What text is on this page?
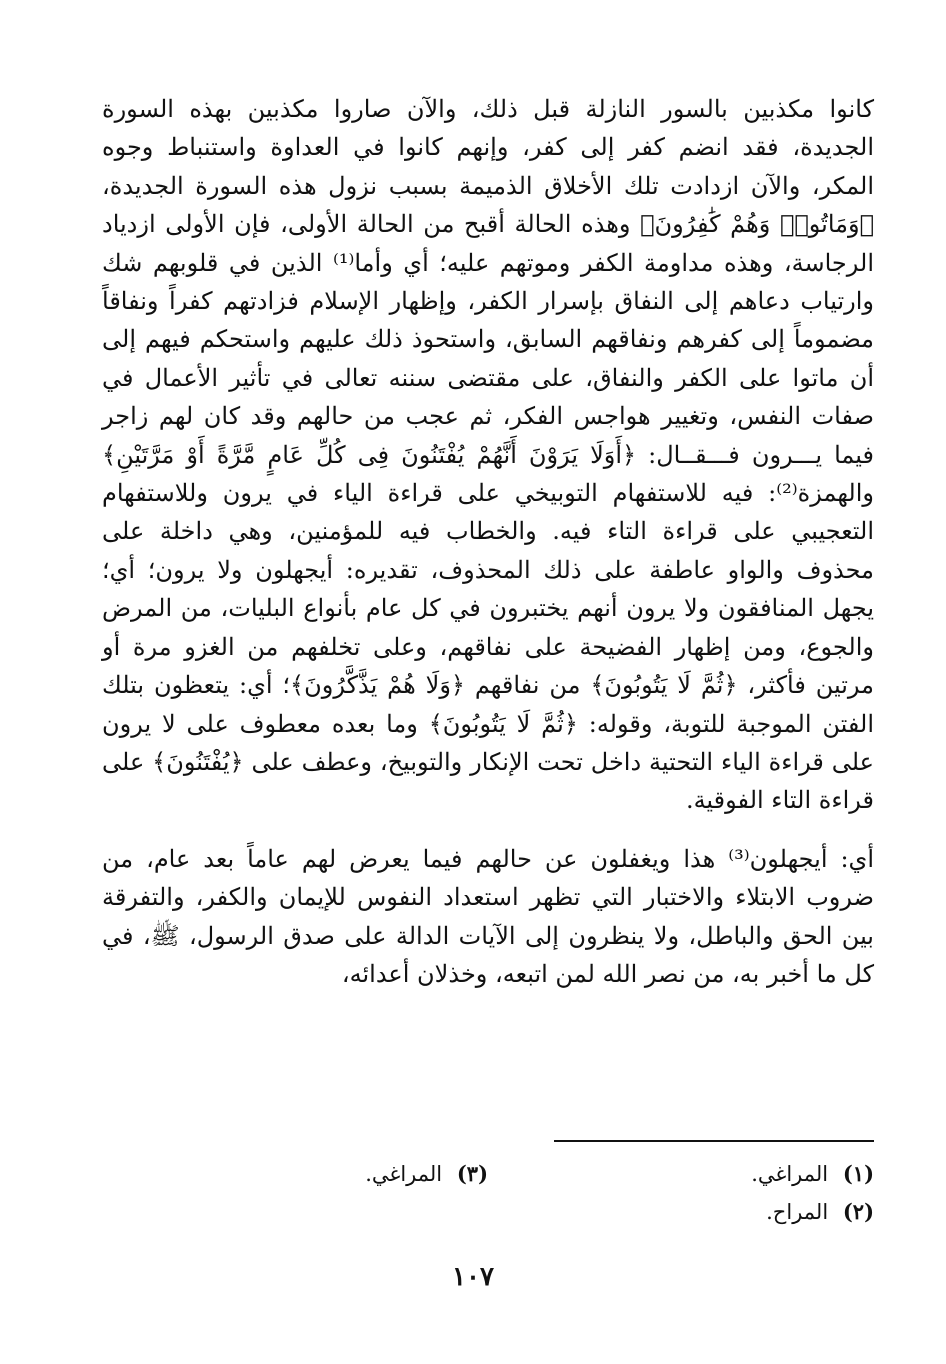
كانوا مكذبين بالسور النازلة قبل ذلك، والآن صاروا مكذبين بهذه السورة الجديدة، فقد انضم كفر إلى كفر، وإنهم كانوا في العداوة واستنباط وجوه المكر، والآن ازدادت تلك الأخلاق الذميمة بسبب نزول هذه السورة الجديدة، ﴿وَمَاتُوا۟ وَهُمْ كَٰفِرُونَ﴾ وهذه الحالة أقبح من الحالة الأولى، فإن الأولى ازدياد الرجاسة، وهذه مداومة الكفر وموتهم عليه؛ أي وأما⁽¹⁾ الذين في قلوبهم شك وارتياب دعاهم إلى النفاق بإسرار الكفر، وإظهار الإسلام فزادتهم كفراً ونفاقاً مضموماً إلى كفرهم ونفاقهم السابق، واستحوذ ذلك عليهم واستحكم فيهم إلى أن ماتوا على الكفر والنفاق، على مقتضى سننه تعالى في تأثير الأعمال في صفات النفس، وتغيير هواجس الفكر، ثم عجب من حالهم وقد كان لهم زاجر فيما يـــرون فـــقــال: ﴿أَوَلَا يَرَوْنَ أَنَّهُمْ يُفْتَنُونَ فِى كُلِّ عَامٍ مَّرَّةً أَوْ مَرَّتَيْنِ﴾ والهمزة⁽²⁾: فيه للاستفهام التوبيخي على قراءة الياء في يرون وللاستفهام التعجيبي على قراءة التاء فيه. والخطاب فيه للمؤمنين، وهي داخلة على محذوف والواو عاطفة على ذلك المحذوف، تقديره: أيجهلون ولا يرون؛ أي؛ يجهل المنافقون ولا يرون أنهم يختبرون في كل عام بأنواع البليات، من المرض والجوع، ومن إظهار الفضيحة على نفاقهم، وعلى تخلفهم من الغزو مرة أو مرتين فأكثر، ﴿ثُمَّ لَا يَتُوبُونَ﴾ من نفاقهم ﴿وَلَا هُمْ يَذَّكَّرُونَ﴾؛ أي: يتعظون بتلك الفتن الموجبة للتوبة، وقوله: ﴿ثُمَّ لَا يَتُوبُونَ﴾ وما بعده معطوف على لا يرون على قراءة الياء التحتية داخل تحت الإنكار والتوبيخ، وعطف على ﴿يُفْتَنُونَ﴾ على قراءة التاء الفوقية.

أي: أيجهلون⁽³⁾ هذا ويغفلون عن حالهم فيما يعرض لهم عاماً بعد عام، من ضروب الابتلاء والاختبار التي تظهر استعداد النفوس للإيمان والكفر، والتفرقة بين الحق والباطل، ولا ينظرون إلى الآيات الدالة على صدق الرسول، ﷺ، في كل ما أخبر به، من نصر الله لمن اتبعه، وخذلان أعدائه،

(١) المراغي.
(٣) المراغي.
(٢) المراح.
١٠٧
